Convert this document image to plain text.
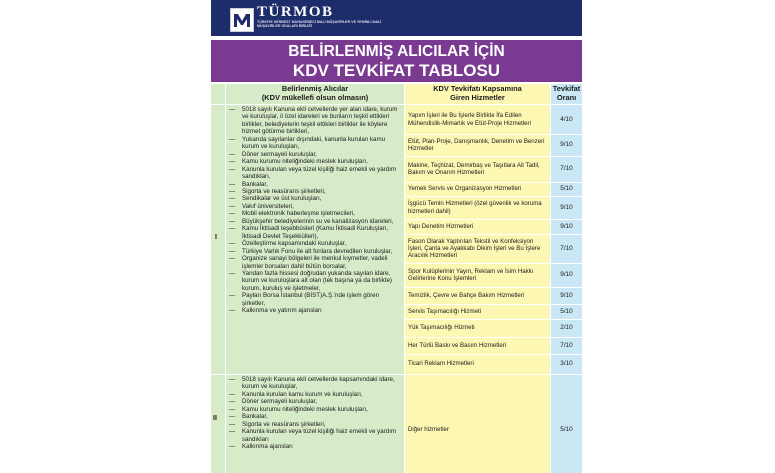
TÜRMOB
TÜRKİYE SERBEST MUHASEBECİ MALİ MÜŞAVİRLER VE YEMİNLİ MALİ MÜŞAVİRLER ODALARI BİRLİĞİ
BELİRLENMİŞ ALICILAR İÇİN
KDV TEVKİFAT TABLOSU
Belirlenmiş Alıcılar
(KDV mükellefi olsun olmasın)
KDV Tevkifatı Kapsamına
Giren Hizmetler
Tevkifat
Oranı
I
— 5018 sayılı Kanuna ekli cetvellerde yer alan idare, kurum ve kuruluşlar, il özel idareleri ve bunların teşkil ettikleri birlikler, belediyelerin teşkil ettikleri birlikler ile köylere hizmet götürme birlikleri,
— Yukarıda sayılanlar dışındaki, kanunla kurulan kamu kurum ve kuruluşları,
— Döner sermayeli kuruluşlar,
— Kamu kurumu niteliğindeki meslek kuruluşları,
— Kanunla kurulan veya tüzel kişiliği haiz emekli ve yardım sandıkları,
— Bankalar,
— Sigorta ve reasürans şirketleri,
— Sendikalar ve üst kuruluşları,
— Vakıf üniversiteleri,
— Mobil elektronik haberleşme işletmecileri,
— Büyükşehir belediyelerinin su ve kanalizasyon idareleri,
— Kamu İktisadi teşebbüsleri (Kamu İktisadi Kuruluşları, İktisadi Devlet Teşekkülleri),
— Özelleştirme kapsamındaki kuruluşlar,
— Türkiye Varlık Fonu ile alt fonlara devredilen kuruluşlar,
— Organize sanayi bölgeleri ile menkul kıymetler, vadeli işlemler borsaları dahil bütün borsalar,
— Yandan fazla hissesi doğrudan yukarıda sayılan idare, kurum ve kuruluşlara ait olan (tek başına ya da birlikte) kurum, kuruluş ve işletmeler,
— Payları Borsa İstanbul (BİST)A.Ş.'nde işlem gören şirketler,
— Kalkınma ve yatırım ajansları
Yapım İşleri ile Bu İşlerle Birlikte İfa Edilen Mühendislik-Mimarlık ve Etüt-Proje Hizmetleri
Etüt, Plan-Proje, Danışmanlık, Denetim ve Benzeri Hizmetler
Makine, Teçhizat, Demirbaş ve Taşıtlara Ait Tadil, Bakım ve Onarım Hizmetleri
Yemek Servis ve Organizasyon Hizmetleri
İşgücü Temin Hizmetleri (özel güvenlik ve koruma hizmetleri dahil)
Yapı Denetim Hizmetleri
Fason Olarak Yaptırılan Tekstil ve Konfeksiyon İşleri, Çanta ve Ayakkabı Dikim İşleri ve Bu İşlere Aracılık Hizmetleri
Spor Kulüplerinin Yayın, Reklam ve İsim Hakkı Gelirlerine Konu İşlemleri
Temizlik, Çevre ve Bahçe Bakım Hizmetleri
Servis Taşımacılığı Hizmeti
Yük Taşımacılığı Hizmeti
Her Türlü Baskı ve Basım Hizmetleri
Ticari Reklam Hizmetleri
4/10
9/10
7/10
5/10
9/10
9/10
7/10
9/10
9/10
5/10
2/10
7/10
3/10
II
— 5018 sayılı Kanuna ekli cetvellerde kapsamındaki idare, kurum ve kuruluşlar,
— Kanunla kurulan kamu kurum ve kuruluşları,
— Döner sermayeli kuruluşlar,
— Kamu kurumu niteliğindeki meslek kuruluşları,
— Bankalar,
— Sigorta ve reasürans şirketleri,
— Kanunla kurulan veya tüzel kişiliği haiz emekli ve yardım sandıkları
— Kalkınma ajansları
Diğer hizmetler	5/10
